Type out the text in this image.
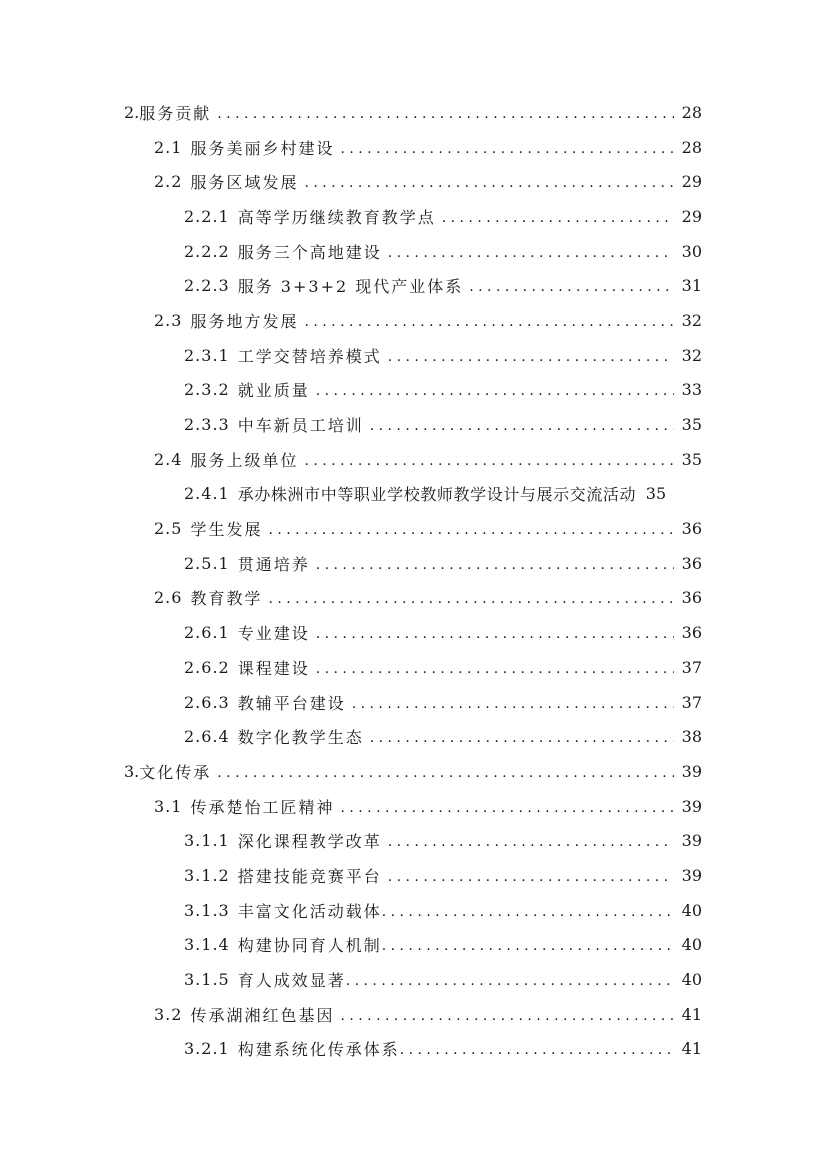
2. 服务贡献 . . .	28
2.1 服务美丽乡村建设 . . .	28
2.2 服务区域发展 . . .	29
2.2.1 高等学历继续教育教学点 . . .	29
2.2.2 服务三个高地建设 . . .	30
2.2.3 服务 3+3+2 现代产业体系 . . .	31
2.3 服务地方发展 . . .	32
2.3.1 工学交替培养模式 . . .	32
2.3.2 就业质量 . . .	33
2.3.3 中车新员工培训 . . .	35
2.4 服务上级单位 . . .	35
2.4.1 承办株洲市中等职业学校教师教学设计与展示交流活动 35
2.5 学生发展 . . .	36
2.5.1 贯通培养 . . .	36
2.6 教育教学 . . .	36
2.6.1 专业建设 . . .	36
2.6.2 课程建设 . . .	37
2.6.3 教辅平台建设 . . .	37
2.6.4 数字化教学生态 . . .	38
3. 文化传承 . . .	39
3.1 传承楚怡工匠精神 . . .	39
3.1.1 深化课程教学改革 . . .	39
3.1.2 搭建技能竞赛平台 . . .	39
3.1.3 丰富文化活动载体 . . .	40
3.1.4 构建协同育人机制 . . .	40
3.1.5 育人成效显著 . . .	40
3.2 传承湖湘红色基因 . . .	41
3.2.1 构建系统化传承体系 . . .	41
